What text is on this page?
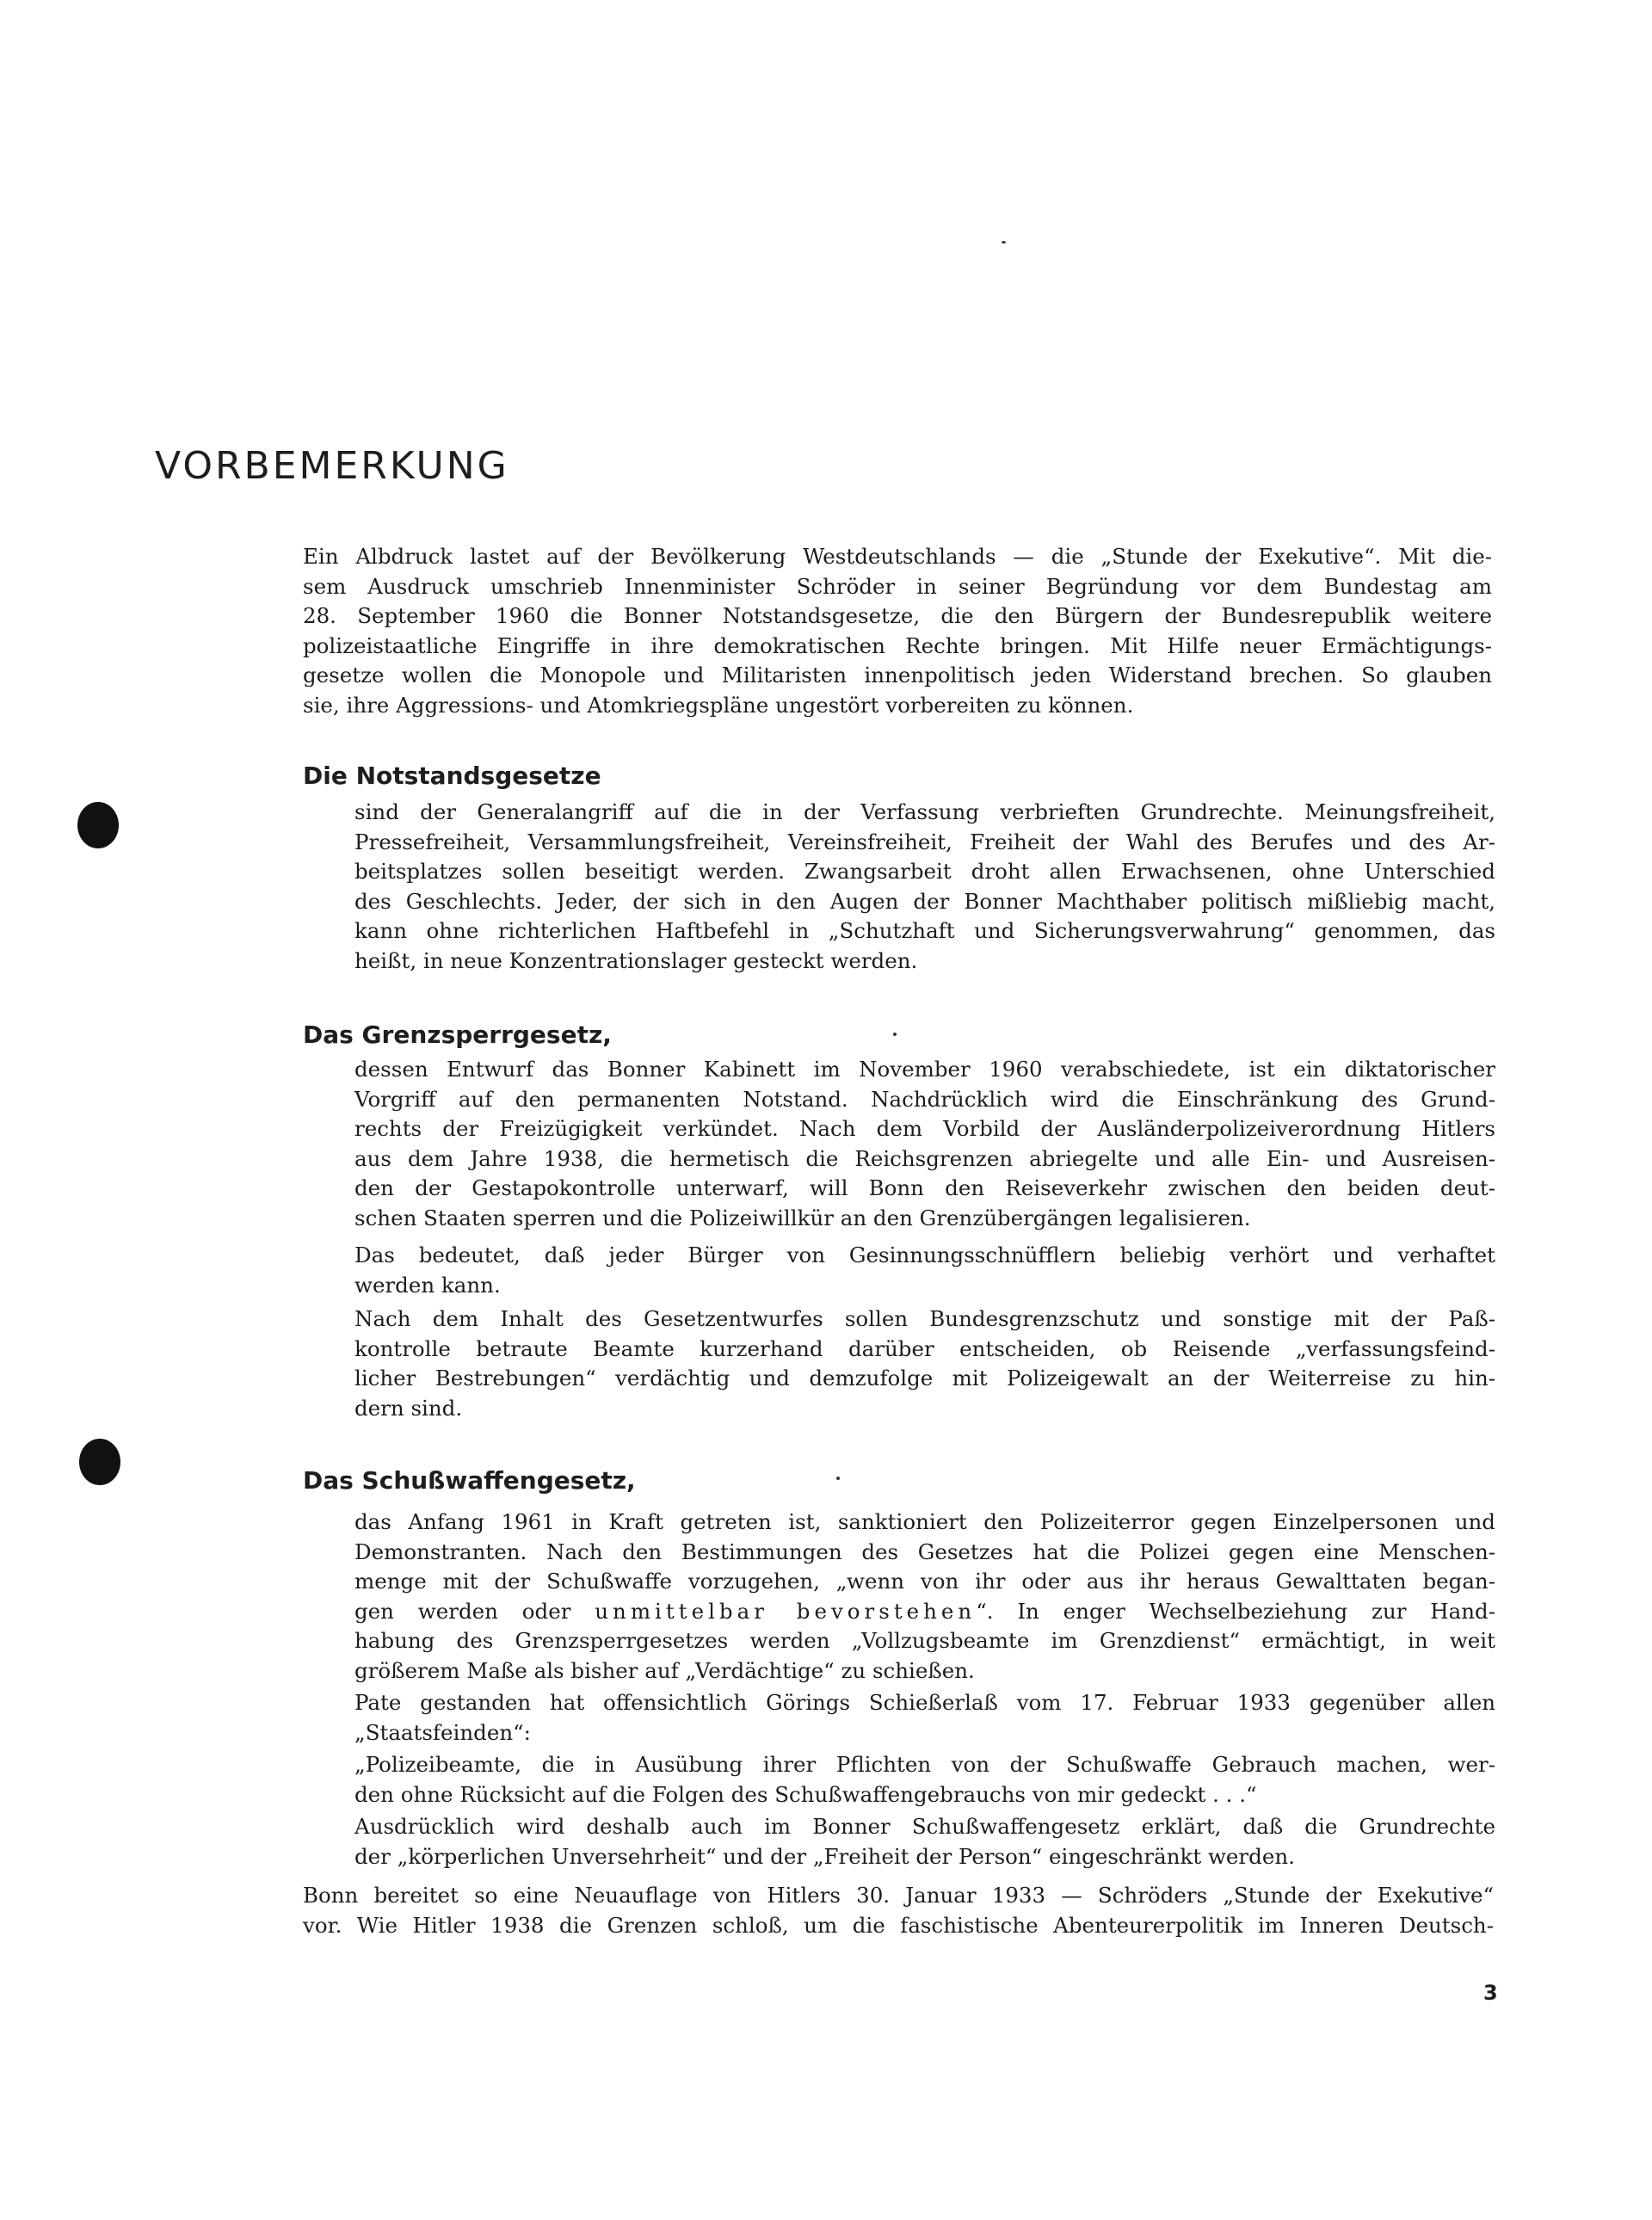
VORBEMERKUNG

Ein Albdruck lastet auf der Bevölkerung Westdeutschlands — die „Stunde der Exekutive“. Mit die-
sem Ausdruck umschrieb Innenminister Schröder in seiner Begründung vor dem Bundestag am
28. September 1960 die Bonner Notstandsgesetze, die den Bürgern der Bundesrepublik weitere
polizeistaatliche Eingriffe in ihre demokratischen Rechte bringen. Mit Hilfe neuer Ermächtigungs-
gesetze wollen die Monopole und Militaristen innenpolitisch jeden Widerstand brechen. So glauben
sie, ihre Aggressions- und Atomkriegspläne ungestört vorbereiten zu können.

Die Notstandsgesetze

sind der Generalangriff auf die in der Verfassung verbrieften Grundrechte. Meinungsfreiheit,
Pressefreiheit, Versammlungsfreiheit, Vereinsfreiheit, Freiheit der Wahl des Berufes und des Ar-
beitsplatzes sollen beseitigt werden. Zwangsarbeit droht allen Erwachsenen, ohne Unterschied
des Geschlechts. Jeder, der sich in den Augen der Bonner Machthaber politisch mißliebig macht,
kann ohne richterlichen Haftbefehl in „Schutzhaft und Sicherungsverwahrung“ genommen, das
heißt, in neue Konzentrationslager gesteckt werden.

Das Grenzsperrgesetz,

dessen Entwurf das Bonner Kabinett im November 1960 verabschiedete, ist ein diktatorischer
Vorgriff auf den permanenten Notstand. Nachdrücklich wird die Einschränkung des Grund-
rechts der Freizügigkeit verkündet. Nach dem Vorbild der Ausländerpolizeiverordnung Hitlers
aus dem Jahre 1938, die hermetisch die Reichsgrenzen abriegelte und alle Ein- und Ausreisen-
den der Gestapokontrolle unterwarf, will Bonn den Reiseverkehr zwischen den beiden deut-
schen Staaten sperren und die Polizeiwillkür an den Grenzübergängen legalisieren.

Das bedeutet, daß jeder Bürger von Gesinnungsschnüfflern beliebig verhört und verhaftet
werden kann.

Nach dem Inhalt des Gesetzentwurfes sollen Bundesgrenzschutz und sonstige mit der Paß-
kontrolle betraute Beamte kurzerhand darüber entscheiden, ob Reisende „verfassungsfeind-
licher Bestrebungen“ verdächtig und demzufolge mit Polizeigewalt an der Weiterreise zu hin-
dern sind.

Das Schußwaffengesetz,

das Anfang 1961 in Kraft getreten ist, sanktioniert den Polizeiterror gegen Einzelpersonen und
Demonstranten. Nach den Bestimmungen des Gesetzes hat die Polizei gegen eine Menschen-
menge mit der Schußwaffe vorzugehen, „wenn von ihr oder aus ihr heraus Gewalttaten began-
gen werden oder unmittelbar bevorstehen“. In enger Wechselbeziehung zur Hand-
habung des Grenzsperrgesetzes werden „Vollzugsbeamte im Grenzdienst“ ermächtigt, in weit
größerem Maße als bisher auf „Verdächtige“ zu schießen.

Pate gestanden hat offensichtlich Görings Schießerlaß vom 17. Februar 1933 gegenüber allen
„Staatsfeinden“:

„Polizeibeamte, die in Ausübung ihrer Pflichten von der Schußwaffe Gebrauch machen, wer-
den ohne Rücksicht auf die Folgen des Schußwaffengebrauchs von mir gedeckt . . .“

Ausdrücklich wird deshalb auch im Bonner Schußwaffengesetz erklärt, daß die Grundrechte
der „körperlichen Unversehrheit“ und der „Freiheit der Person“ eingeschränkt werden.

Bonn bereitet so eine Neuauflage von Hitlers 30. Januar 1933 — Schröders „Stunde der Exekutive“
vor. Wie Hitler 1938 die Grenzen schloß, um die faschistische Abenteurerpolitik im Inneren Deutsch-

3
